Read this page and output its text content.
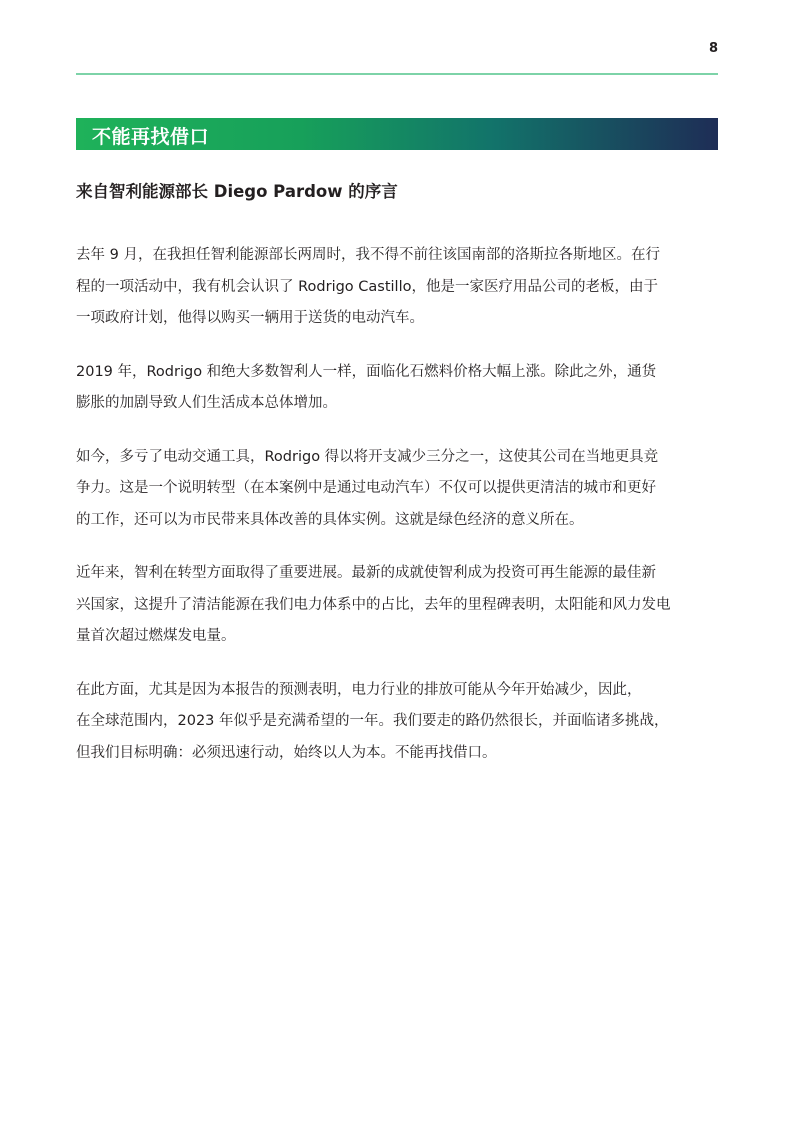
8
不能再找借口
来自智利能源部长 Diego Pardow 的序言
去年 9 月，在我担任智利能源部长两周时，我不得不前往该国南部的洛斯拉各斯地区。在行
程的一项活动中，我有机会认识了 Rodrigo Castillo，他是一家医疗用品公司的老板，由于
一项政府计划，他得以购买一辆用于送货的电动汽车。
2019 年，Rodrigo 和绝大多数智利人一样，面临化石燃料价格大幅上涨。除此之外，通货
膨胀的加剧导致人们生活成本总体增加。
如今，多亏了电动交通工具，Rodrigo 得以将开支减少三分之一，这使其公司在当地更具竞
争力。这是一个说明转型（在本案例中是通过电动汽车）不仅可以提供更清洁的城市和更好
的工作，还可以为市民带来具体改善的具体实例。这就是绿色经济的意义所在。
近年来，智利在转型方面取得了重要进展。最新的成就使智利成为投资可再生能源的最佳新
兴国家，这提升了清洁能源在我们电力体系中的占比，去年的里程碑表明，太阳能和风力发电
量首次超过燃煤发电量。
在此方面，尤其是因为本报告的预测表明，电力行业的排放可能从今年开始减少，因此，
在全球范围内，2023 年似乎是充满希望的一年。我们要走的路仍然很长，并面临诸多挑战，
但我们目标明确：必须迅速行动，始终以人为本。不能再找借口。
